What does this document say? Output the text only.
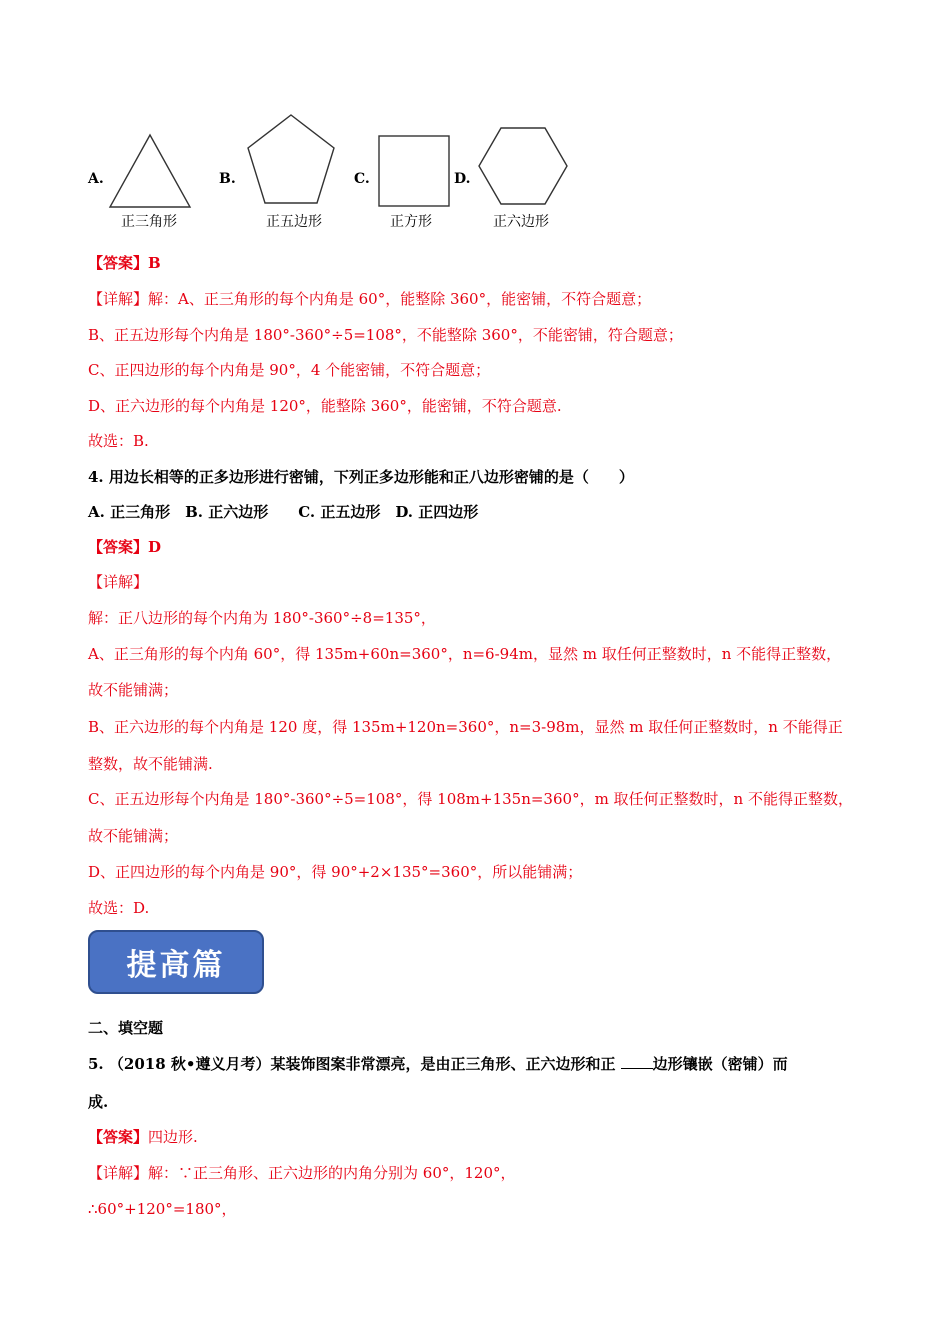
A.
正三角形
B.
正五边形
C.
正方形
D.
正六边形
【答案】B
【详解】解：A、正三角形的每个内角是 60°，能整除 360°，能密铺，不符合题意；
B、正五边形每个内角是 180°-360°÷5=108°，不能整除 360°，不能密铺，符合题意；
C、正四边形的每个内角是 90°，4 个能密铺，不符合题意；
D、正六边形的每个内角是 120°，能整除 360°，能密铺，不符合题意.
故选：B.
4. 用边长相等的正多边形进行密铺，下列正多边形能和正八边形密铺的是（　　）
A. 正三角形　B. 正六边形　　C. 正五边形　D. 正四边形
【答案】D
【详解】
解：正八边形的每个内角为 180°-360°÷8=135°，
A、正三角形的每个内角 60°，得 135m+60n=360°，n=6-94m，显然 m 取任何正整数时，n 不能得正整数，
故不能铺满；
B、正六边形的每个内角是 120 度，得 135m+120n=360°，n=3-98m，显然 m 取任何正整数时，n 不能得正
整数，故不能铺满.
C、正五边形每个内角是 180°-360°÷5=108°，得 108m+135n=360°，m 取任何正整数时，n 不能得正整数，
故不能铺满；
D、正四边形的每个内角是 90°，得 90°+2×135°=360°，所以能铺满；
故选：D.
提高篇
二、填空题
5. （2018 秋•遵义月考）某装饰图案非常漂亮，是由正三角形、正六边形和正 边形镶嵌（密铺）而
成.
【答案】四边形.
【详解】解：∵正三角形、正六边形的内角分别为 60°，120°，
∴60°+120°=180°，
